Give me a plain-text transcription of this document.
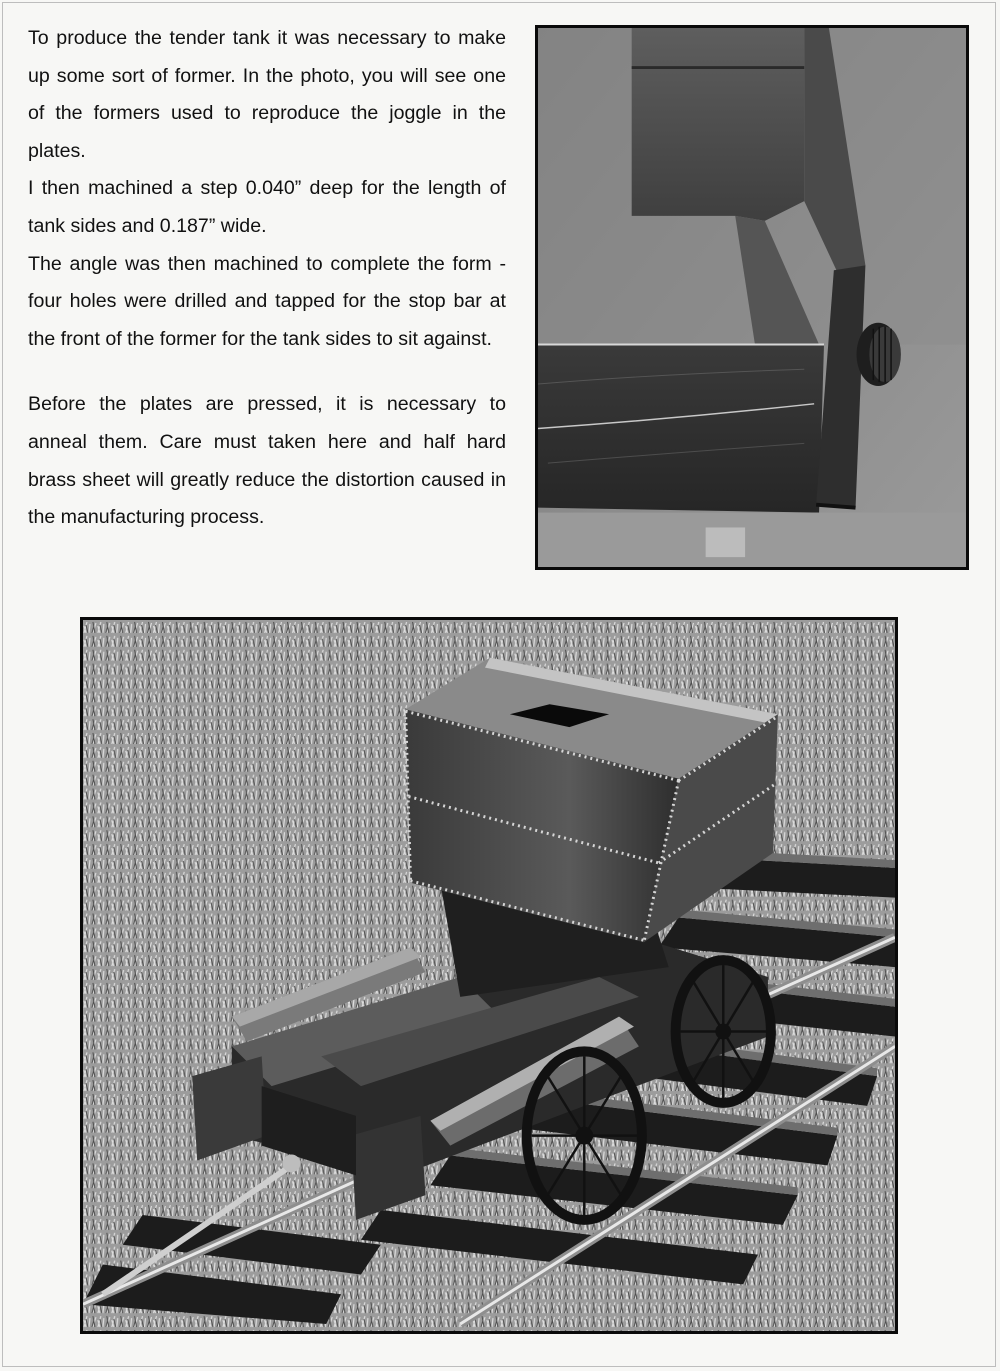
To produce the tender tank it was necessary to make up some sort of former. In the photo, you will see one of the formers used to reproduce the joggle in the plates.

I then machined a step 0.040” deep for the length of tank sides and 0.187” wide.

The angle was then machined to complete the form - four holes were drilled and tapped for the stop bar at the front of the former for the tank sides to sit against.

Before the plates are pressed, it is necessary to anneal them. Care must taken here and half hard brass sheet will greatly reduce the distortion caused in the manufacturing process.
